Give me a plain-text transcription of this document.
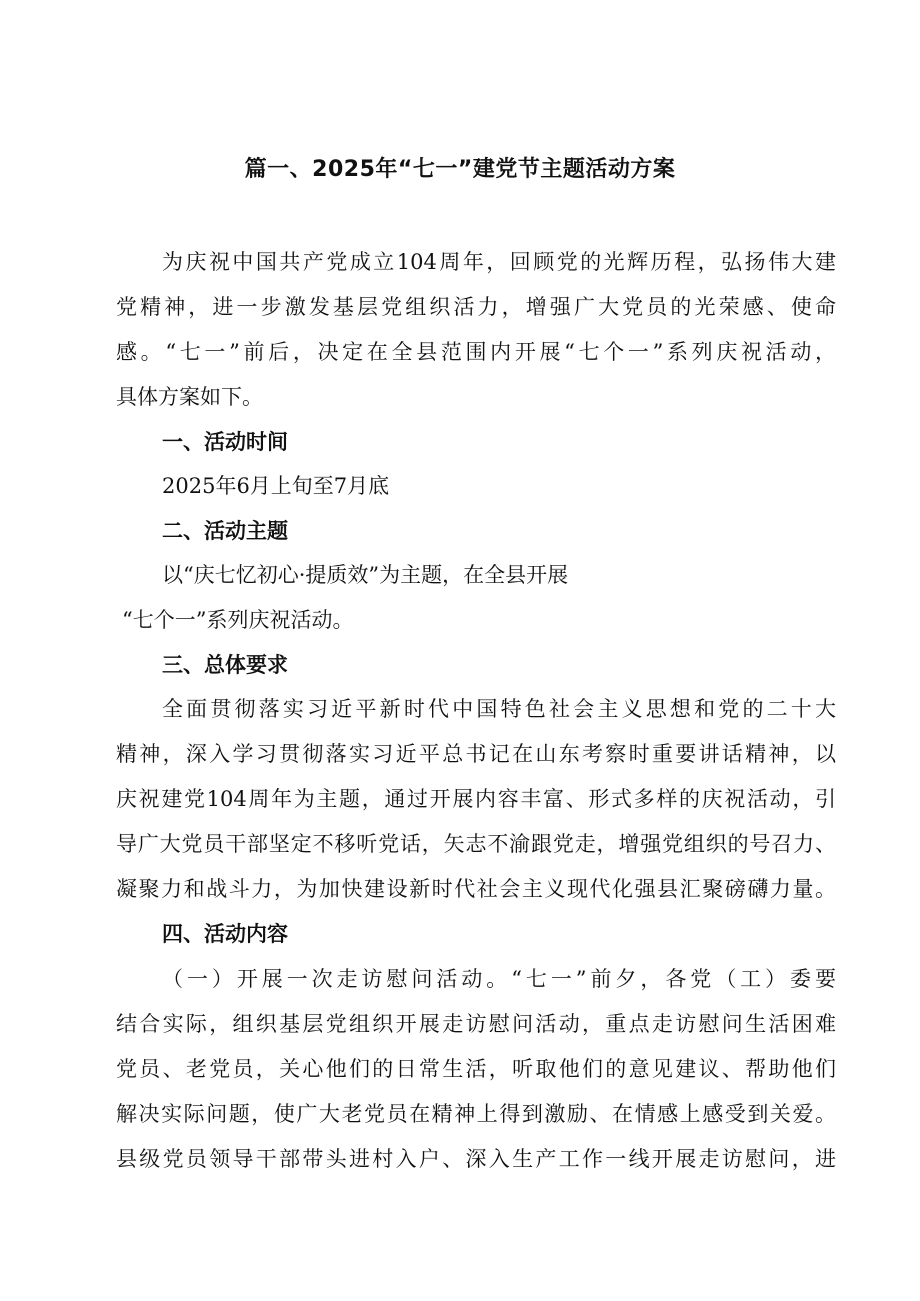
篇一、2025年“七一”建党节主题活动方案
为庆祝中国共产党成立104周年，回顾党的光辉历程，弘扬伟大建
党精神，进一步激发基层党组织活力，增强广大党员的光荣感、使命
感。“七一”前后，决定在全县范围内开展“七个一”系列庆祝活动，
具体方案如下。
一、活动时间
2025年6月上旬至7月底
二、活动主题
以“庆七忆初心·提质效”为主题，在全县开展
“七个一”系列庆祝活动。
三、总体要求
全面贯彻落实习近平新时代中国特色社会主义思想和党的二十大
精神，深入学习贯彻落实习近平总书记在山东考察时重要讲话精神，以
庆祝建党104周年为主题，通过开展内容丰富、形式多样的庆祝活动，引
导广大党员干部坚定不移听党话，矢志不渝跟党走，增强党组织的号召力、
凝聚力和战斗力，为加快建设新时代社会主义现代化强县汇聚磅礴力量。
四、活动内容
（一）开展一次走访慰问活动。“七一”前夕，各党（工）委要
结合实际，组织基层党组织开展走访慰问活动，重点走访慰问生活困难
党员、老党员，关心他们的日常生活，听取他们的意见建议、帮助他们
解决实际问题，使广大老党员在精神上得到激励、在情感上感受到关爱。
县级党员领导干部带头进村入户、深入生产工作一线开展走访慰问，进
